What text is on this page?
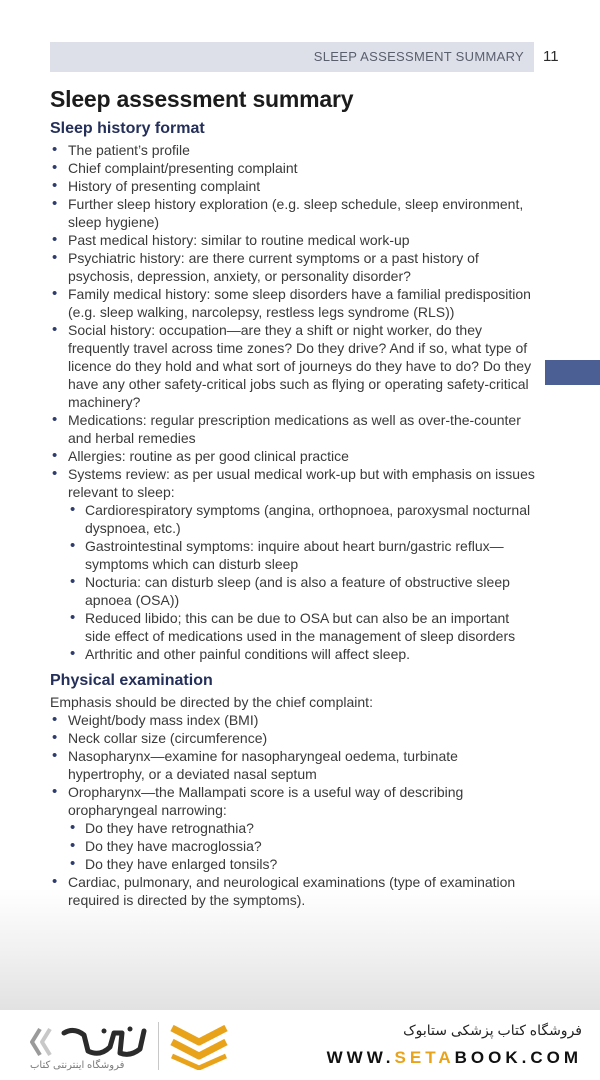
SLEEP ASSESSMENT SUMMARY 11
Sleep assessment summary
Sleep history format
• The patient’s profile
• Chief complaint/presenting complaint
• History of presenting complaint
• Further sleep history exploration (e.g. sleep schedule, sleep environment, sleep hygiene)
• Past medical history: similar to routine medical work-up
• Psychiatric history: are there current symptoms or a past history of psychosis, depression, anxiety, or personality disorder?
• Family medical history: some sleep disorders have a familial predisposition (e.g. sleep walking, narcolepsy, restless legs syndrome (RLS))
• Social history: occupation—are they a shift or night worker, do they frequently travel across time zones? Do they drive? And if so, what type of licence do they hold and what sort of journeys do they have to do? Do they have any other safety-critical jobs such as flying or operating safety-critical machinery?
• Medications: regular prescription medications as well as over-the-counter and herbal remedies
• Allergies: routine as per good clinical practice
• Systems review: as per usual medical work-up but with emphasis on issues relevant to sleep:
• Cardiorespiratory symptoms (angina, orthopnoea, paroxysmal nocturnal dyspnoea, etc.)
• Gastrointestinal symptoms: inquire about heart burn/gastric reflux—symptoms which can disturb sleep
• Nocturia: can disturb sleep (and is also a feature of obstructive sleep apnoea (OSA))
• Reduced libido; this can be due to OSA but can also be an important side effect of medications used in the management of sleep disorders
• Arthritic and other painful conditions will affect sleep.
Physical examination

Emphasis should be directed by the chief complaint:

• Weight/body mass index (BMI)
• Neck collar size (circumference)
• Nasopharynx—examine for nasopharyngeal oedema, turbinate hypertrophy, or a deviated nasal septum
• Oropharynx—the Mallampati score is a useful way of describing oropharyngeal narrowing:
• Do they have retrognathia?
• Do they have macroglossia?
• Do they have enlarged tonsils?
• Cardiac, pulmonary, and neurological examinations (type of examination required is directed by the symptoms).
فروشگاه اینترنتی کتاب
فروشگاه کتاب پزشکی ستابوک
WWW.SETABOOK.COM
